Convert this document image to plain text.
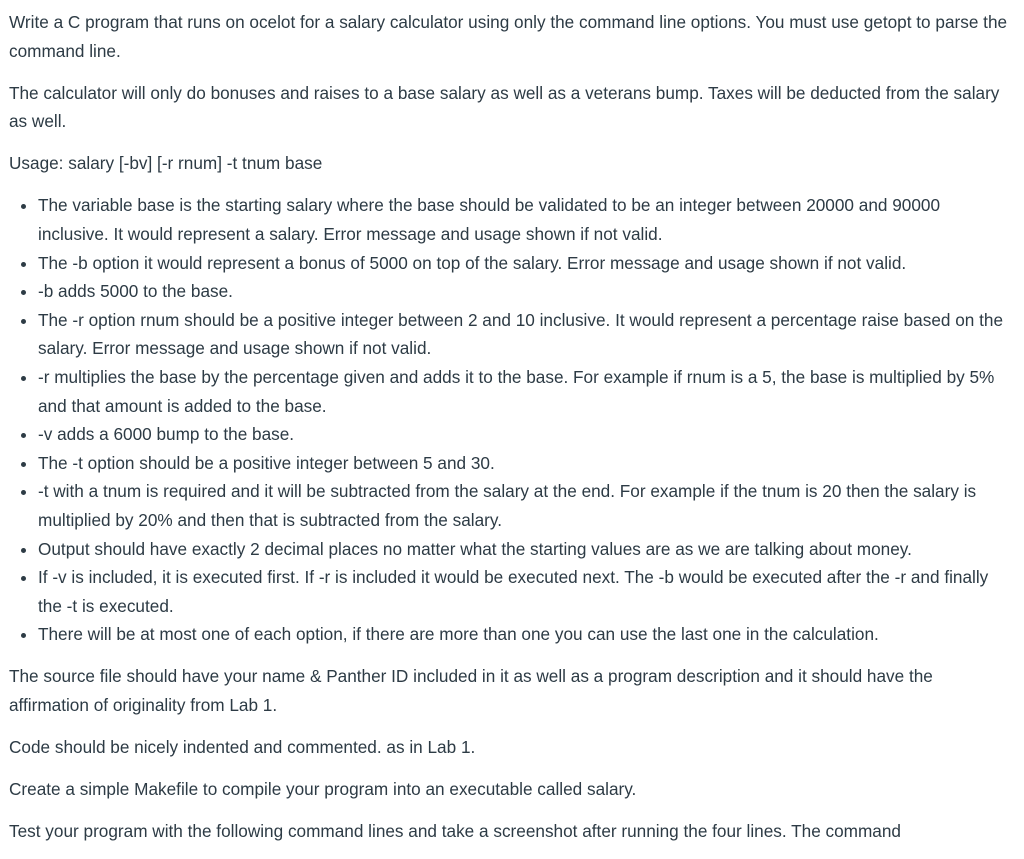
Write a C program that runs on ocelot for a salary calculator using only the command line options. You must use getopt to parse the command line.

The calculator will only do bonuses and raises to a base salary as well as a veterans bump. Taxes will be deducted from the salary as well.

Usage: salary [-bv] [-r rnum] -t tnum base

• The variable base is the starting salary where the base should be validated to be an integer between 20000 and 90000 inclusive. It would represent a salary. Error message and usage shown if not valid.
• The -b option it would represent a bonus of 5000 on top of the salary. Error message and usage shown if not valid.
• -b adds 5000 to the base.
• The -r option rnum should be a positive integer between 2 and 10 inclusive. It would represent a percentage raise based on the salary. Error message and usage shown if not valid.
• -r multiplies the base by the percentage given and adds it to the base. For example if rnum is a 5, the base is multiplied by 5% and that amount is added to the base.
• -v adds a 6000 bump to the base.
• The -t option should be a positive integer between 5 and 30.
• -t with a tnum is required and it will be subtracted from the salary at the end. For example if the tnum is 20 then the salary is multiplied by 20% and then that is subtracted from the salary.
• Output should have exactly 2 decimal places no matter what the starting values are as we are talking about money.
• If -v is included, it is executed first. If -r is included it would be executed next. The -b would be executed after the -r and finally the -t is executed.
• There will be at most one of each option, if there are more than one you can use the last one in the calculation.

The source file should have your name & Panther ID included in it as well as a program description and it should have the affirmation of originality from Lab 1.

Code should be nicely indented and commented. as in Lab 1.

Create a simple Makefile to compile your program into an executable called salary.

Test your program with the following command lines and take a screenshot after running the four lines. The command
